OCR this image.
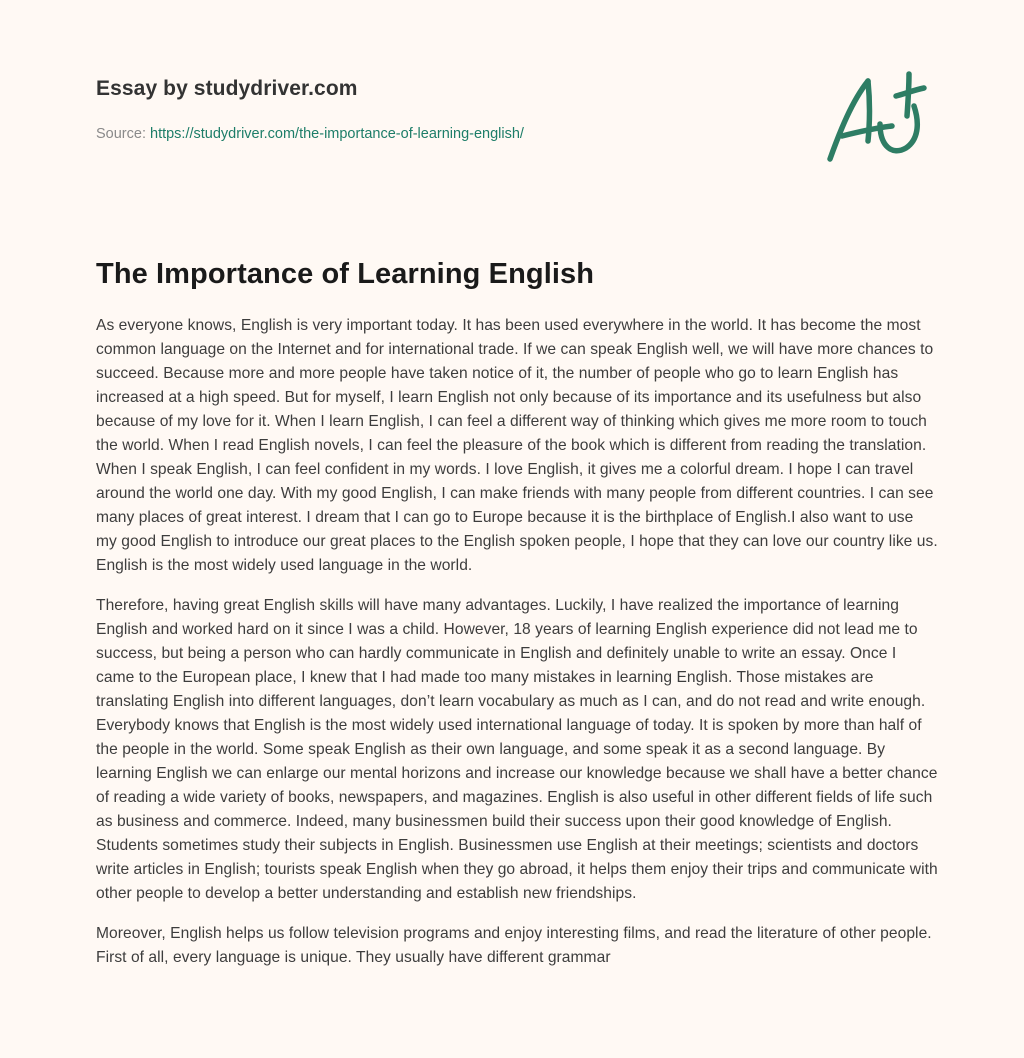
Essay by studydriver.com
Source: https://studydriver.com/the-importance-of-learning-english/
The Importance of Learning English

As everyone knows, English is very important today. It has been used everywhere in the world. It has become the most common language on the Internet and for international trade. If we can speak English well, we will have more chances to succeed. Because more and more people have taken notice of it, the number of people who go to learn English has increased at a high speed. But for myself, I learn English not only because of its importance and its usefulness but also because of my love for it. When I learn English, I can feel a different way of thinking which gives me more room to touch the world. When I read English novels, I can feel the pleasure of the book which is different from reading the translation. When I speak English, I can feel confident in my words. I love English, it gives me a colorful dream. I hope I can travel around the world one day. With my good English, I can make friends with many people from different countries. I can see many places of great interest. I dream that I can go to Europe because it is the birthplace of English.I also want to use my good English to introduce our great places to the English spoken people, I hope that they can love our country like us. English is the most widely used language in the world.

Therefore, having great English skills will have many advantages. Luckily, I have realized the importance of learning English and worked hard on it since I was a child. However, 18 years of learning English experience did not lead me to success, but being a person who can hardly communicate in English and definitely unable to write an essay. Once I came to the European place, I knew that I had made too many mistakes in learning English. Those mistakes are translating English into different languages, don’t learn vocabulary as much as I can, and do not read and write enough. Everybody knows that English is the most widely used international language of today. It is spoken by more than half of the people in the world. Some speak English as their own language, and some speak it as a second language. By learning English we can enlarge our mental horizons and increase our knowledge because we shall have a better chance of reading a wide variety of books, newspapers, and magazines. English is also useful in other different fields of life such as business and commerce. Indeed, many businessmen build their success upon their good knowledge of English. Students sometimes study their subjects in English. Businessmen use English at their meetings; scientists and doctors write articles in English; tourists speak English when they go abroad, it helps them enjoy their trips and communicate with other people to develop a better understanding and establish new friendships.

Moreover, English helps us follow television programs and enjoy interesting films, and read the literature of other people.
First of all, every language is unique. They usually have different grammar
